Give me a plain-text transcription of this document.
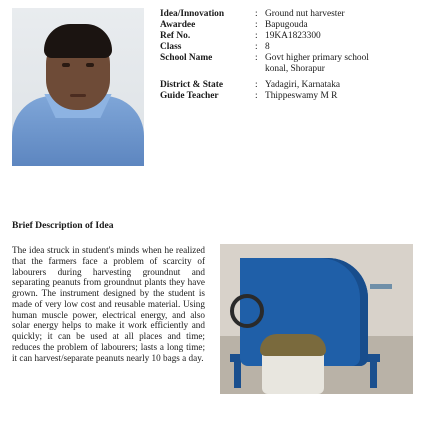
Idea/Innovation	: Ground nut harvester
Awardee	: Bapugouda
Ref No.	: 19KA1823300
Class	: 8
School Name	: Govt higher primary school konal, Shorapur
District & State	: Yadagiri, Karnataka
Guide Teacher	: Thippeswamy M R
Brief Description of Idea

The idea struck in student's minds when he realized that the farmers face a problem of scarcity of labourers during harvesting groundnut and separating peanuts from groundnut plants they have grown. The instrument designed by the student is made of very low cost and reusable material. Using human muscle power, electrical energy, and also solar energy helps to make it work efficiently and quickly; it can be used at all places and time; reduces the problem of labourers; lasts a long time; it can harvest/separate peanuts nearly 10 bags a day.
